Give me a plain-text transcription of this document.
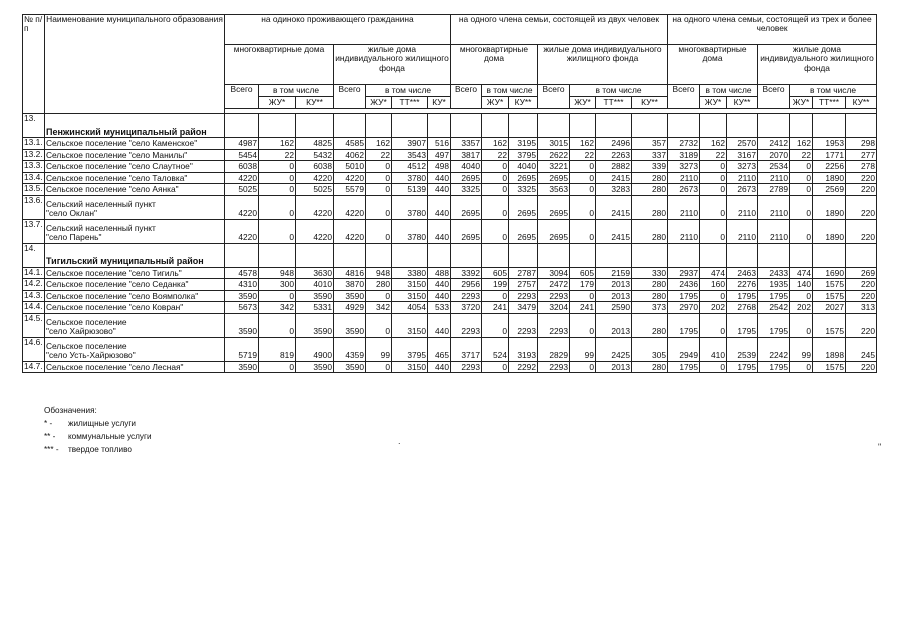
№ п/п	Наименование муниципального образования	на одиноко проживающего гражданина							на одного члена семьи, состоящей из двух человек							на одного члена семьи, состоящей из трех и более человек						
		многоквартирные дома			жилые дома индивидуального жилищного фонда				многоквартирные дома			жилые дома индивидуального жилищного фонда				многоквартирные дома			жилые дома индивидуального жилищного фонда			
		Всего	в том числе		Всего	в том числе			Всего	в том числе		Всего	в том числе			Всего	в том числе		Всего	в том числе		
			ЖУ*	КУ**		ЖУ*	ТТ***	КУ*		ЖУ*	КУ**		ЖУ*	ТТ***	КУ**		ЖУ*	КУ**		ЖУ*	ТТ***	КУ**

13.	Пенжинский муниципальный район																					
13.1.	Сельское поселение "село Каменское"	4987	162	4825	4585	162	3907	516	3357	162	3195	3015	162	2496	357	2732	162	2570	2412	162	1953	298
13.2.	Сельское поселение "село Манилы"	5454	22	5432	4062	22	3543	497	3817	22	3795	2622	22	2263	337	3189	22	3167	2070	22	1771	277
13.3.	Сельское поселение "село Слаутное"	6038	0	6038	5010	0	4512	498	4040	0	4040	3221	0	2882	339	3273	0	3273	2534	0	2256	278
13.4.	Сельское поселение "село Таловка"	4220	0	4220	4220	0	3780	440	2695	0	2695	2695	0	2415	280	2110	0	2110	2110	0	1890	220
13.5.	Сельское поселение "село Аянка"	5025	0	5025	5579	0	5139	440	3325	0	3325	3563	0	3283	280	2673	0	2673	2789	0	2569	220
13.6.	Сельский населенный пункт
"село Оклан"	4220	0	4220	4220	0	3780	440	2695	0	2695	2695	0	2415	280	2110	0	2110	2110	0	1890	220
13.7.	Сельский населенный пункт
"село Парень"	4220	0	4220	4220	0	3780	440	2695	0	2695	2695	0	2415	280	2110	0	2110	2110	0	1890	220
14.	Тигильский муниципальный район																					
14.1.	Сельское поселение "село Тигиль"	4578	948	3630	4816	948	3380	488	3392	605	2787	3094	605	2159	330	2937	474	2463	2433	474	1690	269
14.2.	Сельское поселение "село Седанка"	4310	300	4010	3870	280	3150	440	2956	199	2757	2472	179	2013	280	2436	160	2276	1935	140	1575	220
14.3.	Сельское поселение "село Воямполка"	3590	0	3590	3590	0	3150	440	2293	0	2293	2293	0	2013	280	1795	0	1795	1795	0	1575	220
14.4.	Сельское поселение "село Ковран"	5673	342	5331	4929	342	4054	533	3720	241	3479	3204	241	2590	373	2970	202	2768	2542	202	2027	313
14.5.	Сельское поселение
"село Хайрюзово"	3590	0	3590	3590	0	3150	440	2293	0	2293	2293	0	2013	280	1795	0	1795	1795	0	1575	220
14.6.	Сельское поселение
"село Усть-Хайрюзово"	5719	819	4900	4359	99	3795	465	3717	524	3193	2829	99	2425	305	2949	410	2539	2242	99	1898	245
14.7.	Сельское поселение "село Лесная"	3590	0	3590	3590	0	3150	440	2293	0	2292	2293	0	2013	280	1795	0	1795	1795	0	1575	220
Обозначения:
* - жилищные услуги
** - коммунальные услуги
*** - твердое топливо
.
"
